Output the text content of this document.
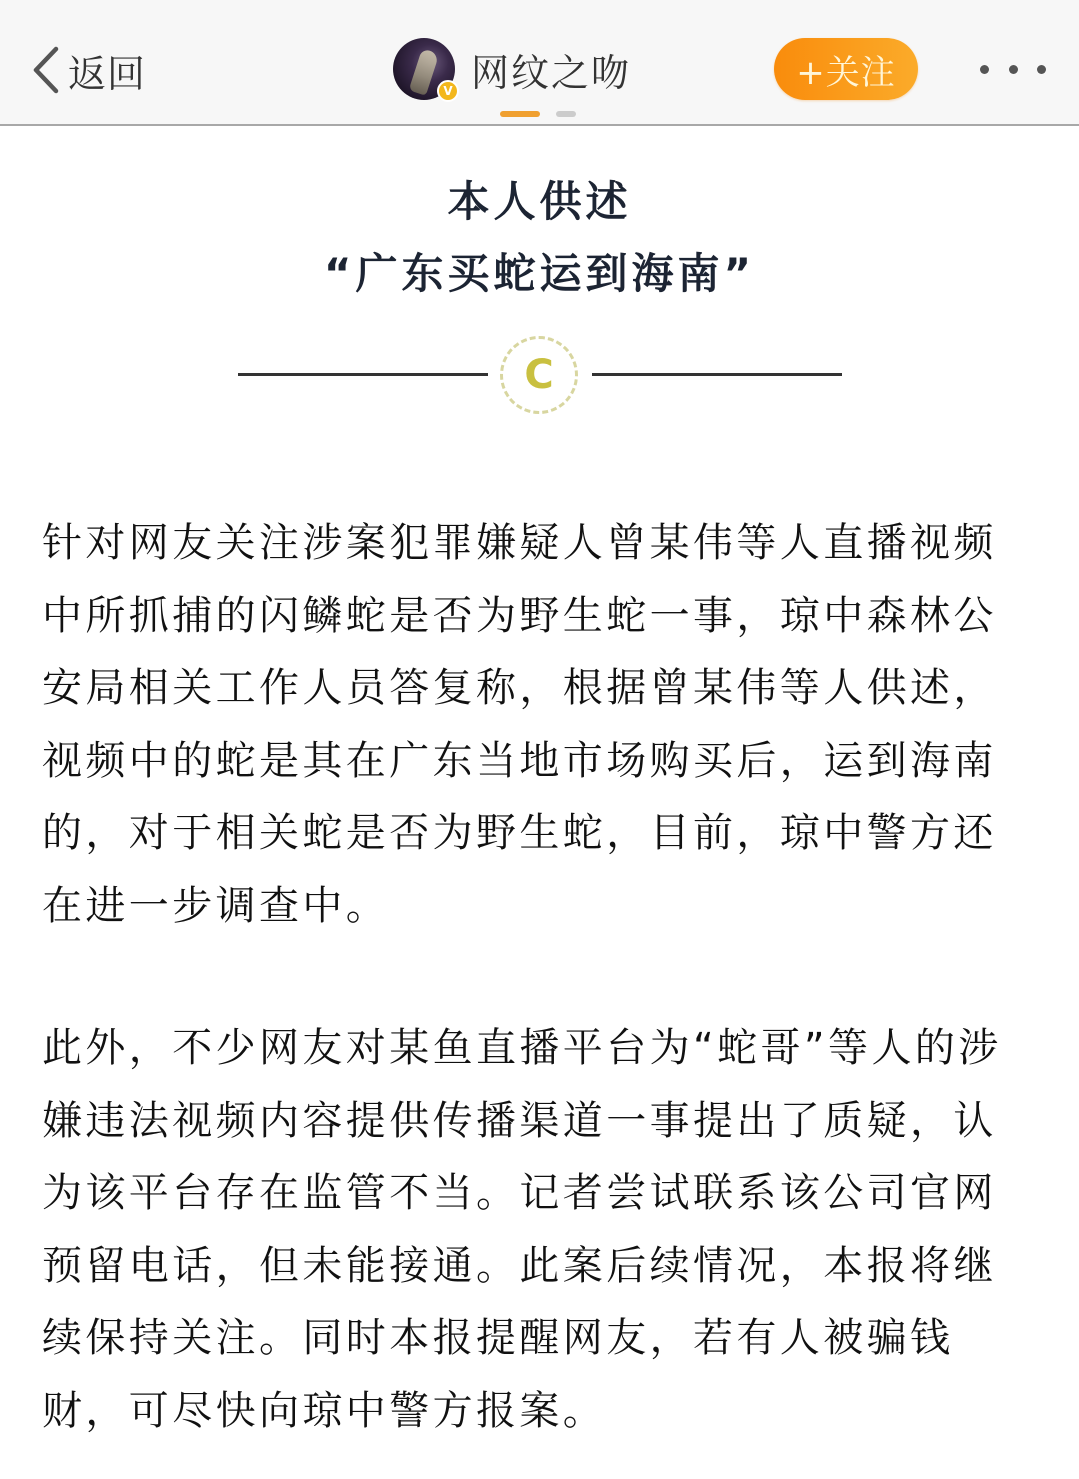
返回	V 网纹之吻	+关注
本人供述
“广东买蛇运到海南”
C
针对网友关注涉案犯罪嫌疑人曾某伟等人直播视频
中所抓捕的闪鳞蛇是否为野生蛇一事，琼中森林公
安局相关工作人员答复称，根据曾某伟等人供述，
视频中的蛇是其在广东当地市场购买后，运到海南
的，对于相关蛇是否为野生蛇，目前，琼中警方还
在进一步调查中。
此外，不少网友对某鱼直播平台为“蛇哥”等人的涉
嫌违法视频内容提供传播渠道一事提出了质疑，认
为该平台存在监管不当。记者尝试联系该公司官网
预留电话，但未能接通。此案后续情况，本报将继
续保持关注。同时本报提醒网友，若有人被骗钱
财，可尽快向琼中警方报案。
